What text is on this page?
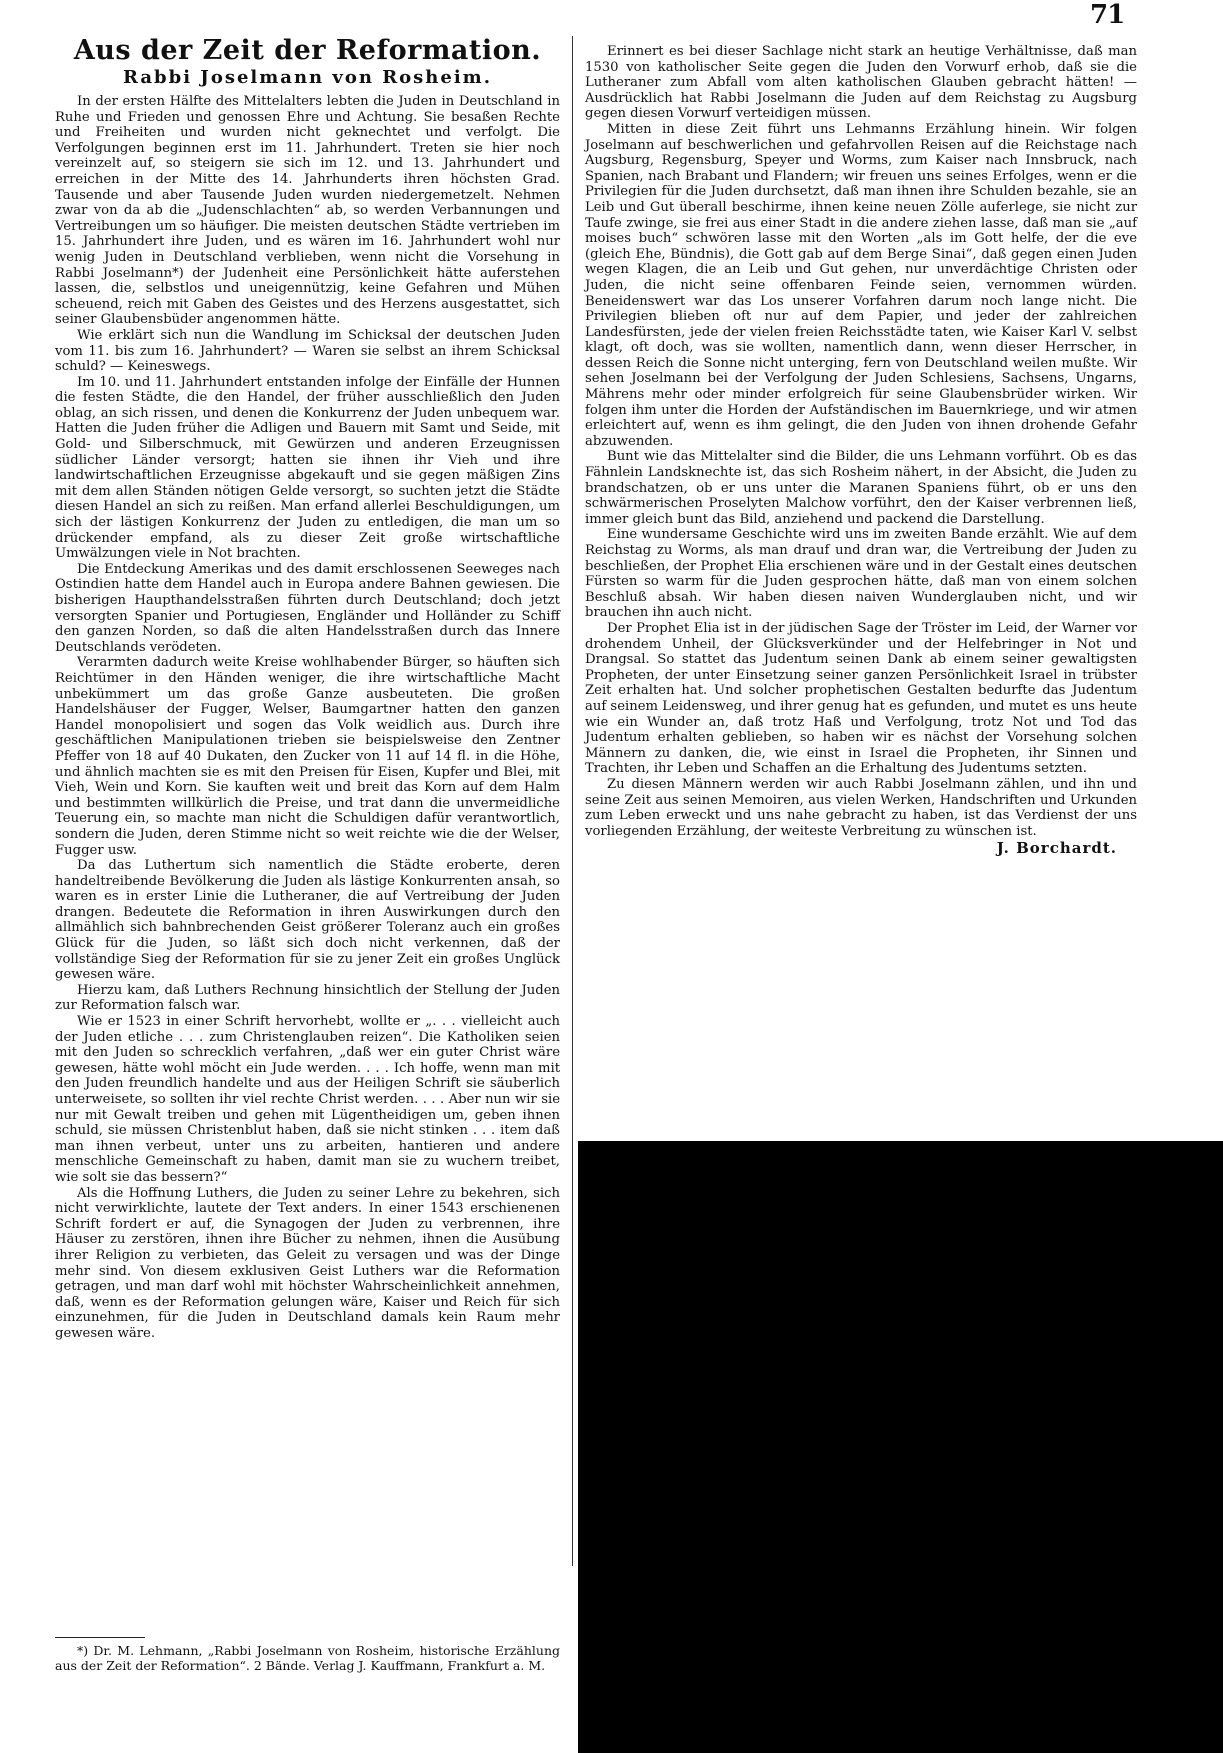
71
Aus der Zeit der Reformation.
Rabbi Joselmann von Rosheim.

In der ersten Hälfte des Mittelalters lebten die Juden in Deutschland in Ruhe und Frieden und genossen Ehre und Achtung. Sie besaßen Rechte und Freiheiten und wurden nicht geknechtet und verfolgt. Die Verfolgungen beginnen erst im 11. Jahrhundert. Treten sie hier noch vereinzelt auf, so steigern sie sich im 12. und 13. Jahrhundert und erreichen in der Mitte des 14. Jahrhunderts ihren höchsten Grad. Tausende und aber Tausende Juden wurden niedergemetzelt. Nehmen zwar von da ab die „Judenschlachten“ ab, so werden Verbannungen und Vertreibungen um so häufiger. Die meisten deutschen Städte vertrieben im 15. Jahrhundert ihre Juden, und es wären im 16. Jahrhundert wohl nur wenig Juden in Deutschland verblieben, wenn nicht die Vorsehung in Rabbi Joselmann*) der Judenheit eine Persönlichkeit hätte auferstehen lassen, die, selbstlos und uneigennützig, keine Gefahren und Mühen scheuend, reich mit Gaben des Geistes und des Herzens ausgestattet, sich seiner Glaubensbüder angenommen hätte.

Wie erklärt sich nun die Wandlung im Schicksal der deutschen Juden vom 11. bis zum 16. Jahrhundert? — Waren sie selbst an ihrem Schicksal schuld? — Keineswegs.

Im 10. und 11. Jahrhundert entstanden infolge der Einfälle der Hunnen die festen Städte, die den Handel, der früher ausschließlich den Juden oblag, an sich rissen, und denen die Konkurrenz der Juden unbequem war. Hatten die Juden früher die Adligen und Bauern mit Samt und Seide, mit Gold- und Silberschmuck, mit Gewürzen und anderen Erzeugnissen südlicher Länder versorgt; hatten sie ihnen ihr Vieh und ihre landwirtschaftlichen Erzeugnisse abgekauft und sie gegen mäßigen Zins mit dem allen Ständen nötigen Gelde versorgt, so suchten jetzt die Städte diesen Handel an sich zu reißen. Man erfand allerlei Beschuldigungen, um sich der lästigen Konkurrenz der Juden zu entledigen, die man um so drückender empfand, als zu dieser Zeit große wirtschaftliche Umwälzungen viele in Not brachten.

Die Entdeckung Amerikas und des damit erschlossenen Seeweges nach Ostindien hatte dem Handel auch in Europa andere Bahnen gewiesen. Die bisherigen Haupthandelsstraßen führten durch Deutschland; doch jetzt versorgten Spanier und Portugiesen, Engländer und Holländer zu Schiff den ganzen Norden, so daß die alten Handelsstraßen durch das Innere Deutschlands verödeten.

Verarmten dadurch weite Kreise wohlhabender Bürger, so häuften sich Reichtümer in den Händen weniger, die ihre wirtschaftliche Macht unbekümmert um das große Ganze ausbeuteten. Die großen Handelshäuser der Fugger, Welser, Baumgartner hatten den ganzen Handel monopolisiert und sogen das Volk weidlich aus. Durch ihre geschäftlichen Manipulationen trieben sie beispielsweise den Zentner Pfeffer von 18 auf 40 Dukaten, den Zucker von 11 auf 14 fl. in die Höhe, und ähnlich machten sie es mit den Preisen für Eisen, Kupfer und Blei, mit Vieh, Wein und Korn. Sie kauften weit und breit das Korn auf dem Halm und bestimmten willkürlich die Preise, und trat dann die unvermeidliche Teuerung ein, so machte man nicht die Schuldigen dafür verantwortlich, sondern die Juden, deren Stimme nicht so weit reichte wie die der Welser, Fugger usw.

Da das Luthertum sich namentlich die Städte eroberte, deren handeltreibende Bevölkerung die Juden als lästige Konkurrenten ansah, so waren es in erster Linie die Lutheraner, die auf Vertreibung der Juden drangen. Bedeutete die Reformation in ihren Auswirkungen durch den allmählich sich bahnbrechenden Geist größerer Toleranz auch ein großes Glück für die Juden, so läßt sich doch nicht verkennen, daß der vollständige Sieg der Reformation für sie zu jener Zeit ein großes Unglück gewesen wäre.

Hierzu kam, daß Luthers Rechnung hinsichtlich der Stellung der Juden zur Reformation falsch war.

Wie er 1523 in einer Schrift hervorhebt, wollte er „. . . vielleicht auch der Juden etliche . . . zum Christenglauben reizen“. Die Katholiken seien mit den Juden so schrecklich verfahren, „daß wer ein guter Christ wäre gewesen, hätte wohl möcht ein Jude werden. . . . Ich hoffe, wenn man mit den Juden freundlich handelte und aus der Heiligen Schrift sie säuberlich unterweisete, so sollten ihr viel rechte Christ werden. . . . Aber nun wir sie nur mit Gewalt treiben und gehen mit Lügentheidigen um, geben ihnen schuld, sie müssen Christenblut haben, daß sie nicht stinken . . . item daß man ihnen verbeut, unter uns zu arbeiten, hantieren und andere menschliche Gemeinschaft zu haben, damit man sie zu wuchern treibet, wie solt sie das bessern?“

Als die Hoffnung Luthers, die Juden zu seiner Lehre zu bekehren, sich nicht verwirklichte, lautete der Text anders. In einer 1543 erschienenen Schrift fordert er auf, die Synagogen der Juden zu verbrennen, ihre Häuser zu zerstören, ihnen ihre Bücher zu nehmen, ihnen die Ausübung ihrer Religion zu verbieten, das Geleit zu versagen und was der Dinge mehr sind. Von diesem exklusiven Geist Luthers war die Reformation getragen, und man darf wohl mit höchster Wahrscheinlichkeit annehmen, daß, wenn es der Reformation gelungen wäre, Kaiser und Reich für sich einzunehmen, für die Juden in Deutschland damals kein Raum mehr gewesen wäre.

*) Dr. M. Lehmann, „Rabbi Joselmann von Rosheim, historische Erzählung aus der Zeit der Reformation“. 2 Bände. Verlag J. Kauffmann, Frankfurt a. M.

Erinnert es bei dieser Sachlage nicht stark an heutige Verhältnisse, daß man 1530 von katholischer Seite gegen die Juden den Vorwurf erhob, daß sie die Lutheraner zum Abfall vom alten katholischen Glauben gebracht hätten! — Ausdrücklich hat Rabbi Joselmann die Juden auf dem Reichstag zu Augsburg gegen diesen Vorwurf verteidigen müssen.

Mitten in diese Zeit führt uns Lehmanns Erzählung hinein. Wir folgen Joselmann auf beschwerlichen und gefahrvollen Reisen auf die Reichstage nach Augsburg, Regensburg, Speyer und Worms, zum Kaiser nach Innsbruck, nach Spanien, nach Brabant und Flandern; wir freuen uns seines Erfolges, wenn er die Privilegien für die Juden durchsetzt, daß man ihnen ihre Schulden bezahle, sie an Leib und Gut überall beschirme, ihnen keine neuen Zölle auferlege, sie nicht zur Taufe zwinge, sie frei aus einer Stadt in die andere ziehen lasse, daß man sie „auf moises buch“ schwören lasse mit den Worten „als im Gott helfe, der die eve (gleich Ehe, Bündnis), die Gott gab auf dem Berge Sinai“, daß gegen einen Juden wegen Klagen, die an Leib und Gut gehen, nur unverdächtige Christen oder Juden, die nicht seine offenbaren Feinde seien, vernommen würden. Beneidenswert war das Los unserer Vorfahren darum noch lange nicht. Die Privilegien blieben oft nur auf dem Papier, und jeder der zahlreichen Landesfürsten, jede der vielen freien Reichsstädte taten, wie Kaiser Karl V. selbst klagt, oft doch, was sie wollten, namentlich dann, wenn dieser Herrscher, in dessen Reich die Sonne nicht unterging, fern von Deutschland weilen mußte. Wir sehen Joselmann bei der Verfolgung der Juden Schlesiens, Sachsens, Ungarns, Mährens mehr oder minder erfolgreich für seine Glaubensbrüder wirken. Wir folgen ihm unter die Horden der Aufständischen im Bauernkriege, und wir atmen erleichtert auf, wenn es ihm gelingt, die den Juden von ihnen drohende Gefahr abzuwenden.

Bunt wie das Mittelalter sind die Bilder, die uns Lehmann vorführt. Ob es das Fähnlein Landsknechte ist, das sich Rosheim nähert, in der Absicht, die Juden zu brandschatzen, ob er uns unter die Maranen Spaniens führt, ob er uns den schwärmerischen Proselyten Malchow vorführt, den der Kaiser verbrennen ließ, immer gleich bunt das Bild, anziehend und packend die Darstellung.

Eine wundersame Geschichte wird uns im zweiten Bande erzählt. Wie auf dem Reichstag zu Worms, als man drauf und dran war, die Vertreibung der Juden zu beschließen, der Prophet Elia erschienen wäre und in der Gestalt eines deutschen Fürsten so warm für die Juden gesprochen hätte, daß man von einem solchen Beschluß absah. Wir haben diesen naiven Wunderglauben nicht, und wir brauchen ihn auch nicht.

Der Prophet Elia ist in der jüdischen Sage der Tröster im Leid, der Warner vor drohendem Unheil, der Glücksverkünder und der Helfebringer in Not und Drangsal. So stattet das Judentum seinen Dank ab einem seiner gewaltigsten Propheten, der unter Einsetzung seiner ganzen Persönlichkeit Israel in trübster Zeit erhalten hat. Und solcher prophetischen Gestalten bedurfte das Judentum auf seinem Leidensweg, und ihrer genug hat es gefunden, und mutet es uns heute wie ein Wunder an, daß trotz Haß und Verfolgung, trotz Not und Tod das Judentum erhalten geblieben, so haben wir es nächst der Vorsehung solchen Männern zu danken, die, wie einst in Israel die Propheten, ihr Sinnen und Trachten, ihr Leben und Schaffen an die Erhaltung des Judentums setzten.

Zu diesen Männern werden wir auch Rabbi Joselmann zählen, und ihn und seine Zeit aus seinen Memoiren, aus vielen Werken, Handschriften und Urkunden zum Leben erweckt und uns nahe gebracht zu haben, ist das Verdienst der uns vorliegenden Erzählung, der weiteste Verbreitung zu wünschen ist.

J. Borchardt.
